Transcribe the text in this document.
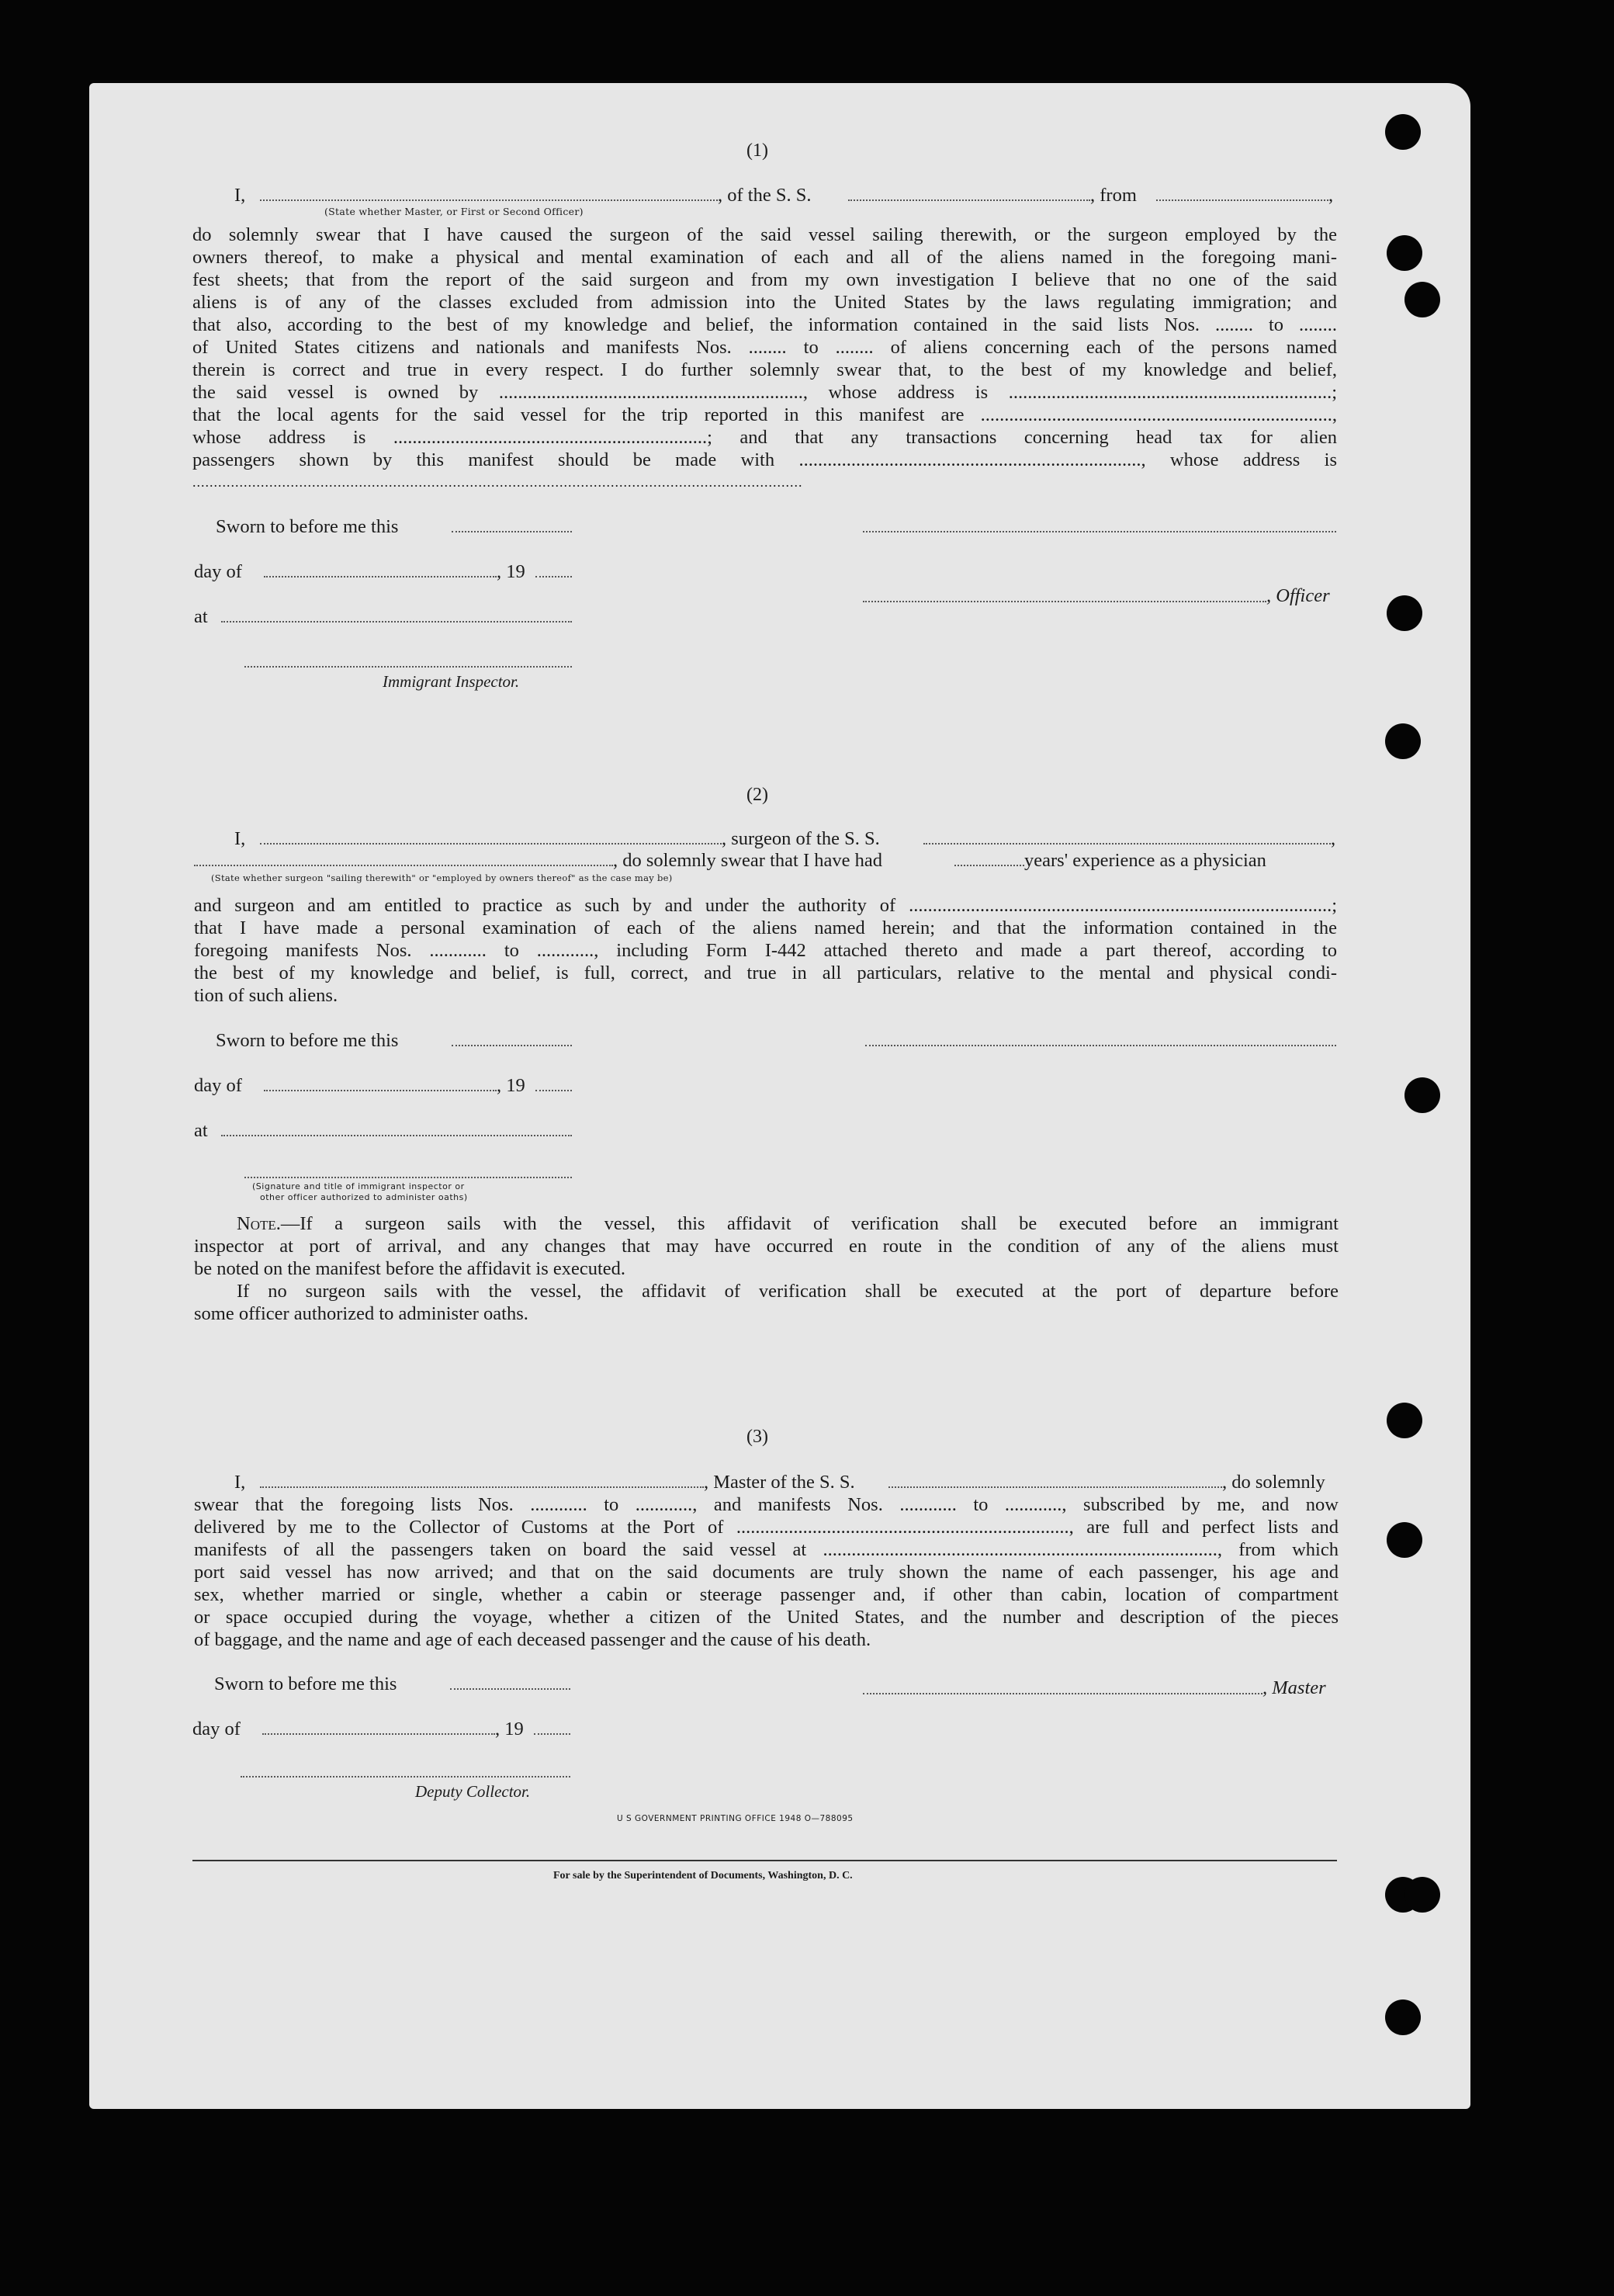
(1)
I,	, of the S. S.	, from	,
(State whether Master, or First or Second Officer)
do solemnly swear that I have caused the surgeon of the said vessel sailing therewith, or the surgeon employed by the
owners thereof, to make a physical and mental examination of each and all of the aliens named in the foregoing mani-
fest sheets; that from the report of the said surgeon and from my own investigation I believe that no one of the said
aliens is of any of the classes excluded from admission into the United States by the laws regulating immigration; and
that also, according to the best of my knowledge and belief, the information contained in the said lists Nos. ........ to ........
of United States citizens and nationals and manifests Nos. ........ to ........ of aliens concerning each of the persons named
therein is correct and true in every respect. I do further solemnly swear that, to the best of my knowledge and belief,
the said vessel is owned by ................................................................, whose address is ....................................................................;
that the local agents for the said vessel for the trip reported in this manifest are ..........................................................................,
whose address is ..................................................................; and that any transactions concerning head tax for alien
passengers shown by this manifest should be made with ........................................................................, whose address is
...............................................................................................................................................
Sworn to before me this
day of	, 19
, Officer
at
Immigrant Inspector.
(2)
I,	, surgeon of the S. S.	,
, do solemnly swear that I have had	years' experience as a physician
(State whether surgeon "sailing therewith" or "employed by owners thereof" as the case may be)
and surgeon and am entitled to practice as such by and under the authority of .........................................................................................;
that I have made a personal examination of each of the aliens named herein; and that the information contained in the
foregoing manifests Nos. ............ to ............, including Form I-442 attached thereto and made a part thereof, according to
the best of my knowledge and belief, is full, correct, and true in all particulars, relative to the mental and physical condi-
tion of such aliens.
Sworn to before me this
day of	, 19
at
(Signature and title of immigrant inspector or
other officer authorized to administer oaths)
Note.—If a surgeon sails with the vessel, this affidavit of verification shall be executed before an immigrant
inspector at port of arrival, and any changes that may have occurred en route in the condition of any of the aliens must
be noted on the manifest before the affidavit is executed.
If no surgeon sails with the vessel, the affidavit of verification shall be executed at the port of departure before
some officer authorized to administer oaths.
(3)
I,	, Master of the S. S.	, do solemnly
swear that the foregoing lists Nos. ............ to ............, and manifests Nos. ............ to ............, subscribed by me, and now
delivered by me to the Collector of Customs at the Port of ......................................................................, are full and perfect lists and
manifests of all the passengers taken on board the said vessel at ..................................................................................., from which
port said vessel has now arrived; and that on the said documents are truly shown the name of each passenger, his age and
sex, whether married or single, whether a cabin or steerage passenger and, if other than cabin, location of compartment
or space occupied during the voyage, whether a citizen of the United States, and the number and description of the pieces
of baggage, and the name and age of each deceased passenger and the cause of his death.
Sworn to before me this	, Master
day of	, 19
Deputy Collector.
U S GOVERNMENT PRINTING OFFICE 1948 O—788095
For sale by the Superintendent of Documents, Washington, D. C.
